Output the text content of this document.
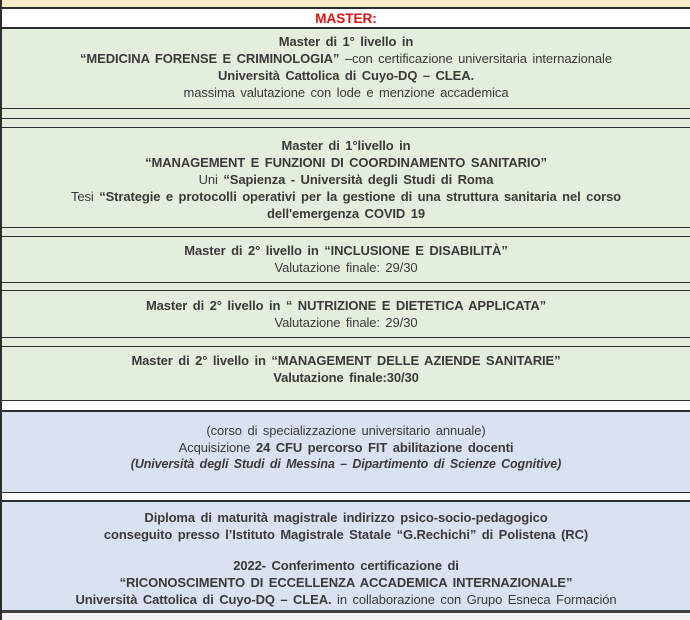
MASTER:
Master di 1° livello in
“MEDICINA FORENSE E CRIMINOLOGIA” –con certificazione universitaria internazionale
Università Cattolica di Cuyo-DQ – CLEA.
massima valutazione con lode e menzione accademica
Master di 1°livello in
“MANAGEMENT E FUNZIONI DI COORDINAMENTO SANITARIO”
Uni “Sapienza - Università degli Studi di Roma
Tesi “Strategie e protocolli operativi per la gestione di una struttura sanitaria nel corso
dell'emergenza COVID 19
Master di 2° livello in “INCLUSIONE E DISABILITÀ”
Valutazione finale: 29/30
Master di 2° livello in “ NUTRIZIONE E DIETETICA APPLICATA”
Valutazione finale: 29/30
Master di 2° livello in “MANAGEMENT DELLE AZIENDE SANITARIE”
Valutazione finale:30/30
(corso di specializzazione universitario annuale)
Acquisizione 24 CFU percorso FIT abilitazione docenti
(Università degli Studi di Messina – Dipartimento di Scienze Cognitive)
Diploma di maturità magistrale indirizzo psico-socio-pedagogico
conseguito presso l’Istituto Magistrale Statale “G.Rechichi” di Polistena (RC)
2022- Conferimento certificazione di
“RICONOSCIMENTO DI ECCELLENZA ACCADEMICA INTERNAZIONALE”
Università Cattolica di Cuyo-DQ – CLEA. in collaborazione con Grupo Esneca Formación
